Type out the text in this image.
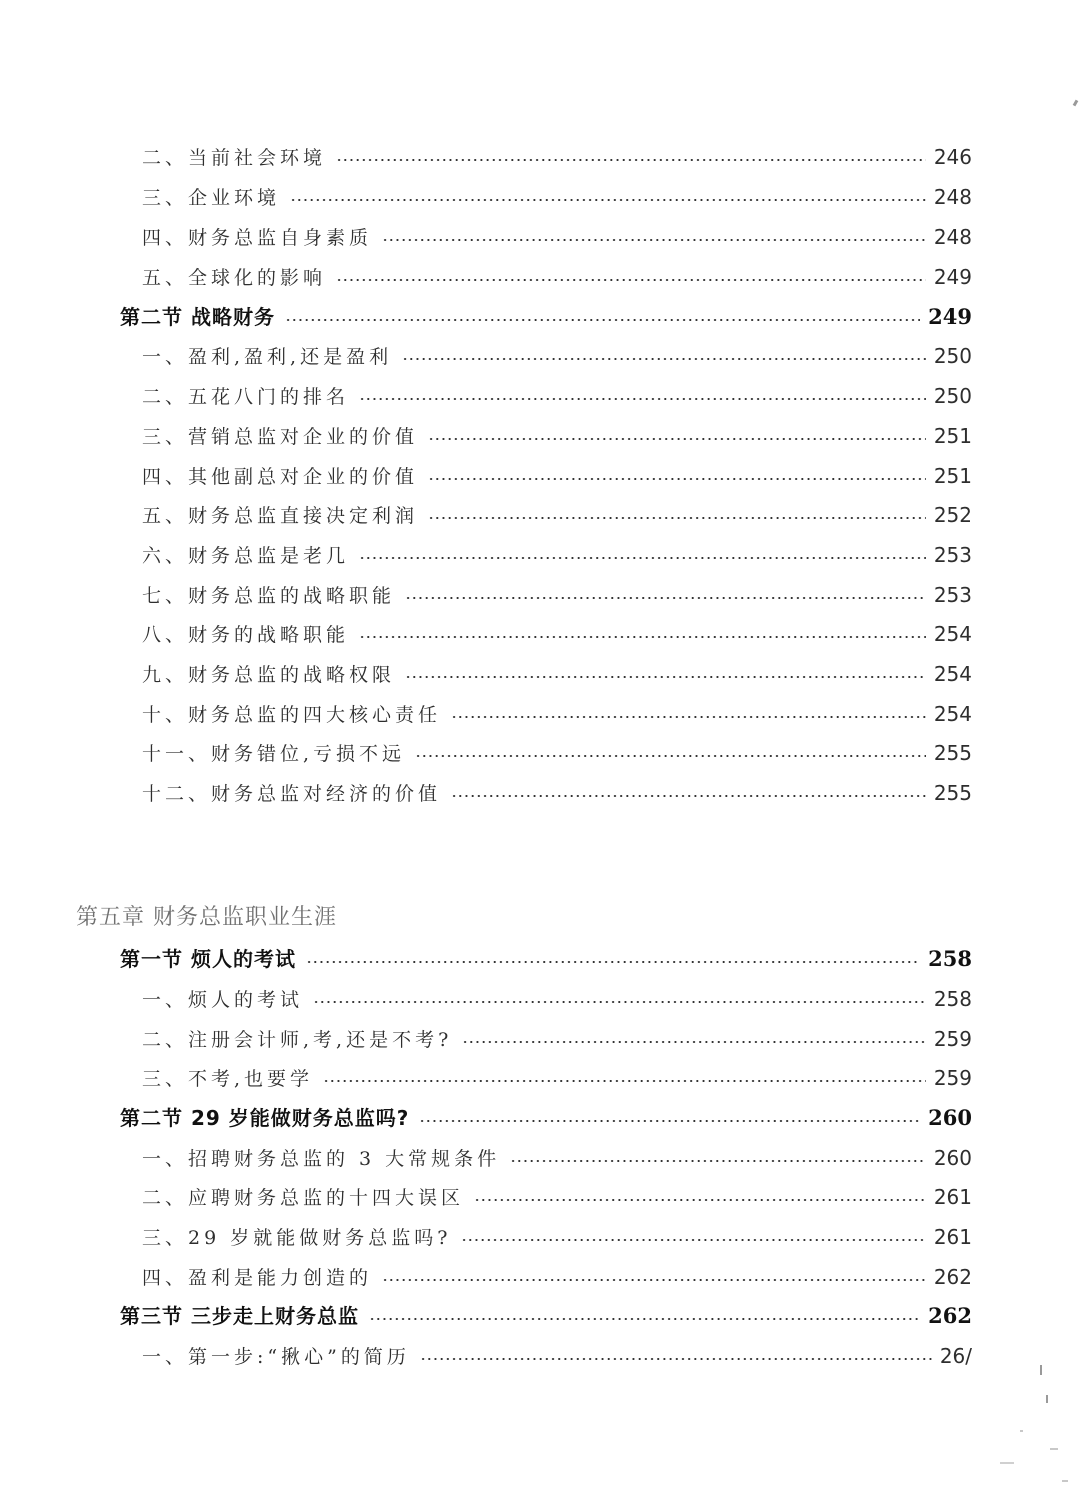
二、当前社会环境	246
三、企业环境	248
四、财务总监自身素质	248
五、全球化的影响	249
第二节 战略财务	249
一、盈利,盈利,还是盈利	250
二、五花八门的排名	250
三、营销总监对企业的价值	251
四、其他副总对企业的价值	251
五、财务总监直接决定利润	252
六、财务总监是老几	253
七、财务总监的战略职能	253
八、财务的战略职能	254
九、财务总监的战略权限	254
十、财务总监的四大核心责任	254
十一、财务错位,亏损不远	255
十二、财务总监对经济的价值	255
第五章 财务总监职业生涯
第一节 烦人的考试	258
一、烦人的考试	258
二、注册会计师,考,还是不考?	259
三、不考,也要学	259
第二节 29 岁能做财务总监吗?	260
一、招聘财务总监的 3 大常规条件	260
二、应聘财务总监的十四大误区	261
三、29 岁就能做财务总监吗?	261
四、盈利是能力创造的	262
第三节 三步走上财务总监	262
一、第一步:“揪心”的简历	26/
